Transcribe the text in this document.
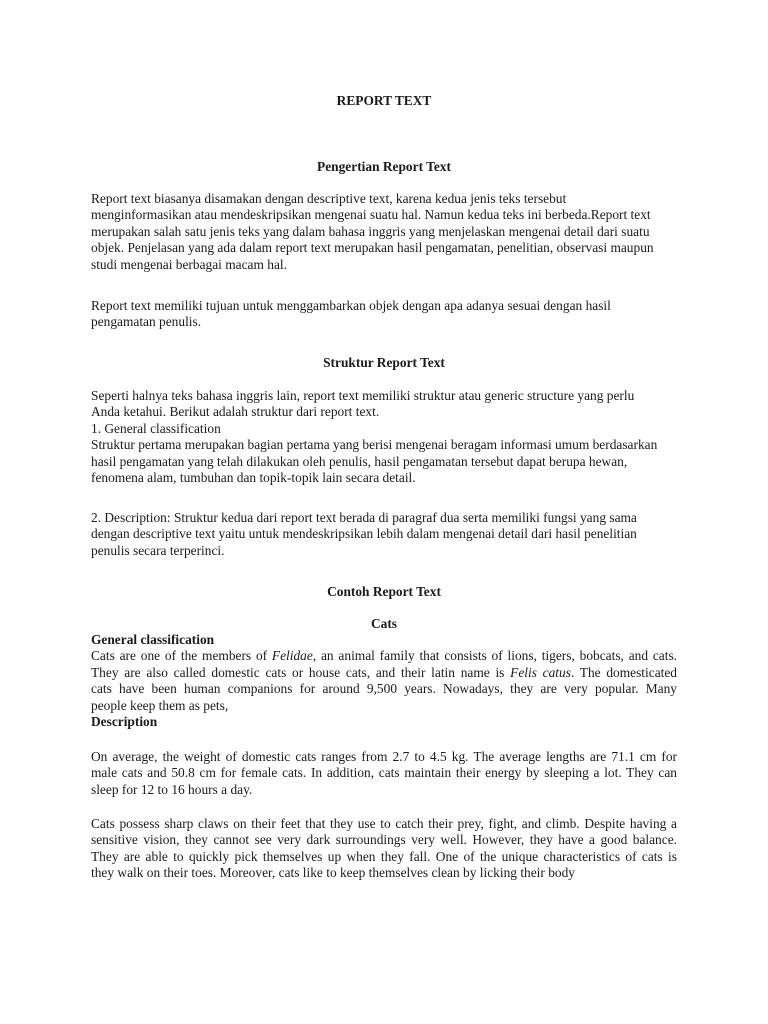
REPORT TEXT
Pengertian Report Text

Report text biasanya disamakan dengan descriptive text, karena kedua jenis teks tersebut

menginformasikan atau mendeskripsikan mengenai suatu hal. Namun kedua teks ini berbeda.Report text

merupakan salah satu jenis teks yang dalam bahasa inggris yang menjelaskan mengenai detail dari suatu

objek. Penjelasan yang ada dalam report text merupakan hasil pengamatan, penelitian, observasi maupun

studi mengenai berbagai macam hal.

Report text memiliki tujuan untuk menggambarkan objek dengan apa adanya sesuai dengan hasil

pengamatan penulis.

Struktur Report Text

Seperti halnya teks bahasa inggris lain, report text memiliki struktur atau generic structure yang perlu

Anda ketahui. Berikut adalah struktur dari report text.

1. General classification

Struktur pertama merupakan bagian pertama yang berisi mengenai beragam informasi umum berdasarkan

hasil pengamatan yang telah dilakukan oleh penulis, hasil pengamatan tersebut dapat berupa hewan,

fenomena alam, tumbuhan dan topik-topik lain secara detail.

2. Description: Struktur kedua dari report text berada di paragraf dua serta memiliki fungsi yang sama

dengan descriptive text yaitu untuk mendeskripsikan lebih dalam mengenai detail dari hasil penelitian

penulis secara terperinci.

Contoh Report Text
Cats

General classification

Cats are one of the members of Felidae, an animal family that consists of lions, tigers, bobcats, and cats.

They are also called domestic cats or house cats, and their latin name is Felis catus. The domesticated

cats have been human companions for around 9,500 years. Nowadays, they are very popular. Many

people keep them as pets,

Description

On average, the weight of domestic cats ranges from 2.7 to 4.5 kg. The average lengths are 71.1 cm for

male cats and 50.8 cm for female cats. In addition, cats maintain their energy by sleeping a lot. They can

sleep for 12 to 16 hours a day.

Cats possess sharp claws on their feet that they use to catch their prey, fight, and climb. Despite having a

sensitive vision, they cannot see very dark surroundings very well. However, they have a good balance.

They are able to quickly pick themselves up when they fall. One of the unique characteristics of cats is

they walk on their toes. Moreover, cats like to keep themselves clean by licking their body
